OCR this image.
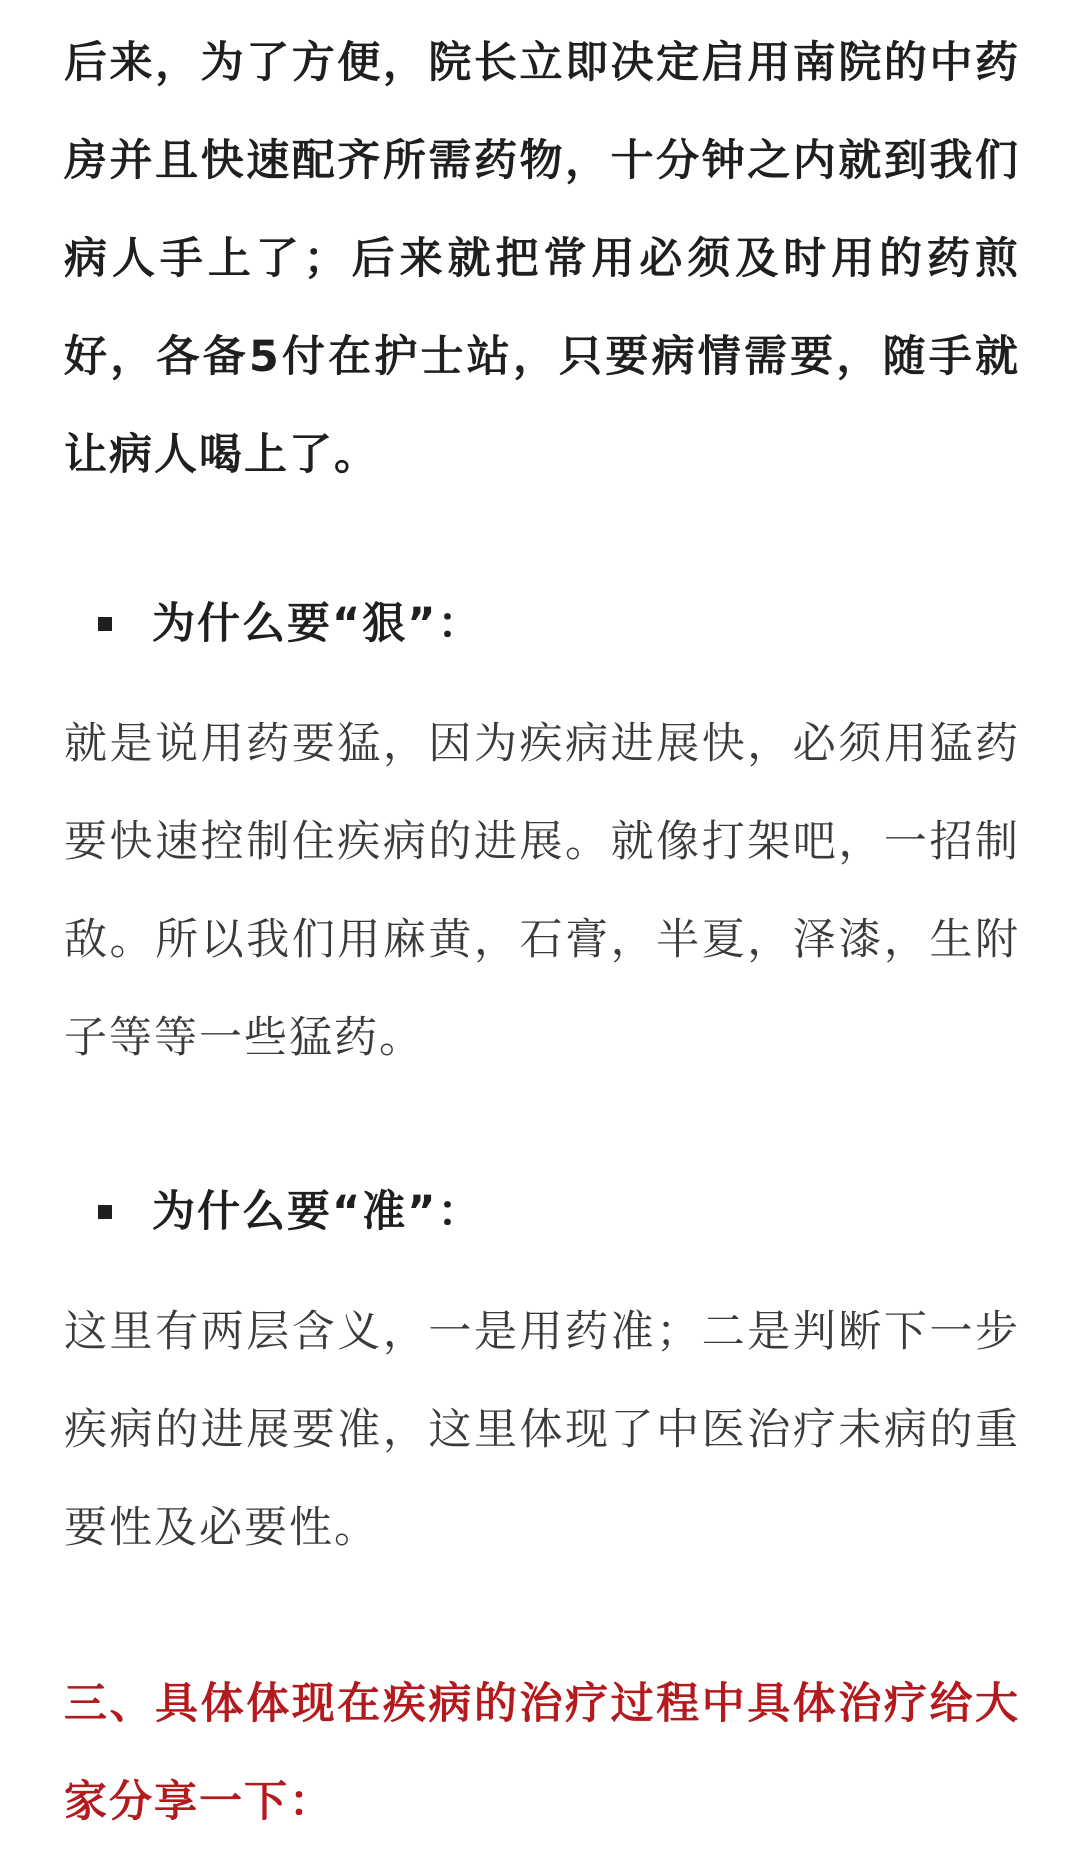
后来，为了方便，院长立即决定启用南院的中药房并且快速配齐所需药物，十分钟之内就到我们病人手上了；后来就把常用必须及时用的药煎好，各备5付在护士站，只要病情需要，随手就让病人喝上了。

为什么要“狠”：

就是说用药要猛，因为疾病进展快，必须用猛药要快速控制住疾病的进展。就像打架吧，一招制敌。所以我们用麻黄，石膏，半夏，泽漆，生附子等等一些猛药。

为什么要“准”：

这里有两层含义，一是用药准；二是判断下一步疾病的进展要准，这里体现了中医治疗未病的重要性及必要性。

三、具体体现在疾病的治疗过程中具体治疗给大家分享一下：
